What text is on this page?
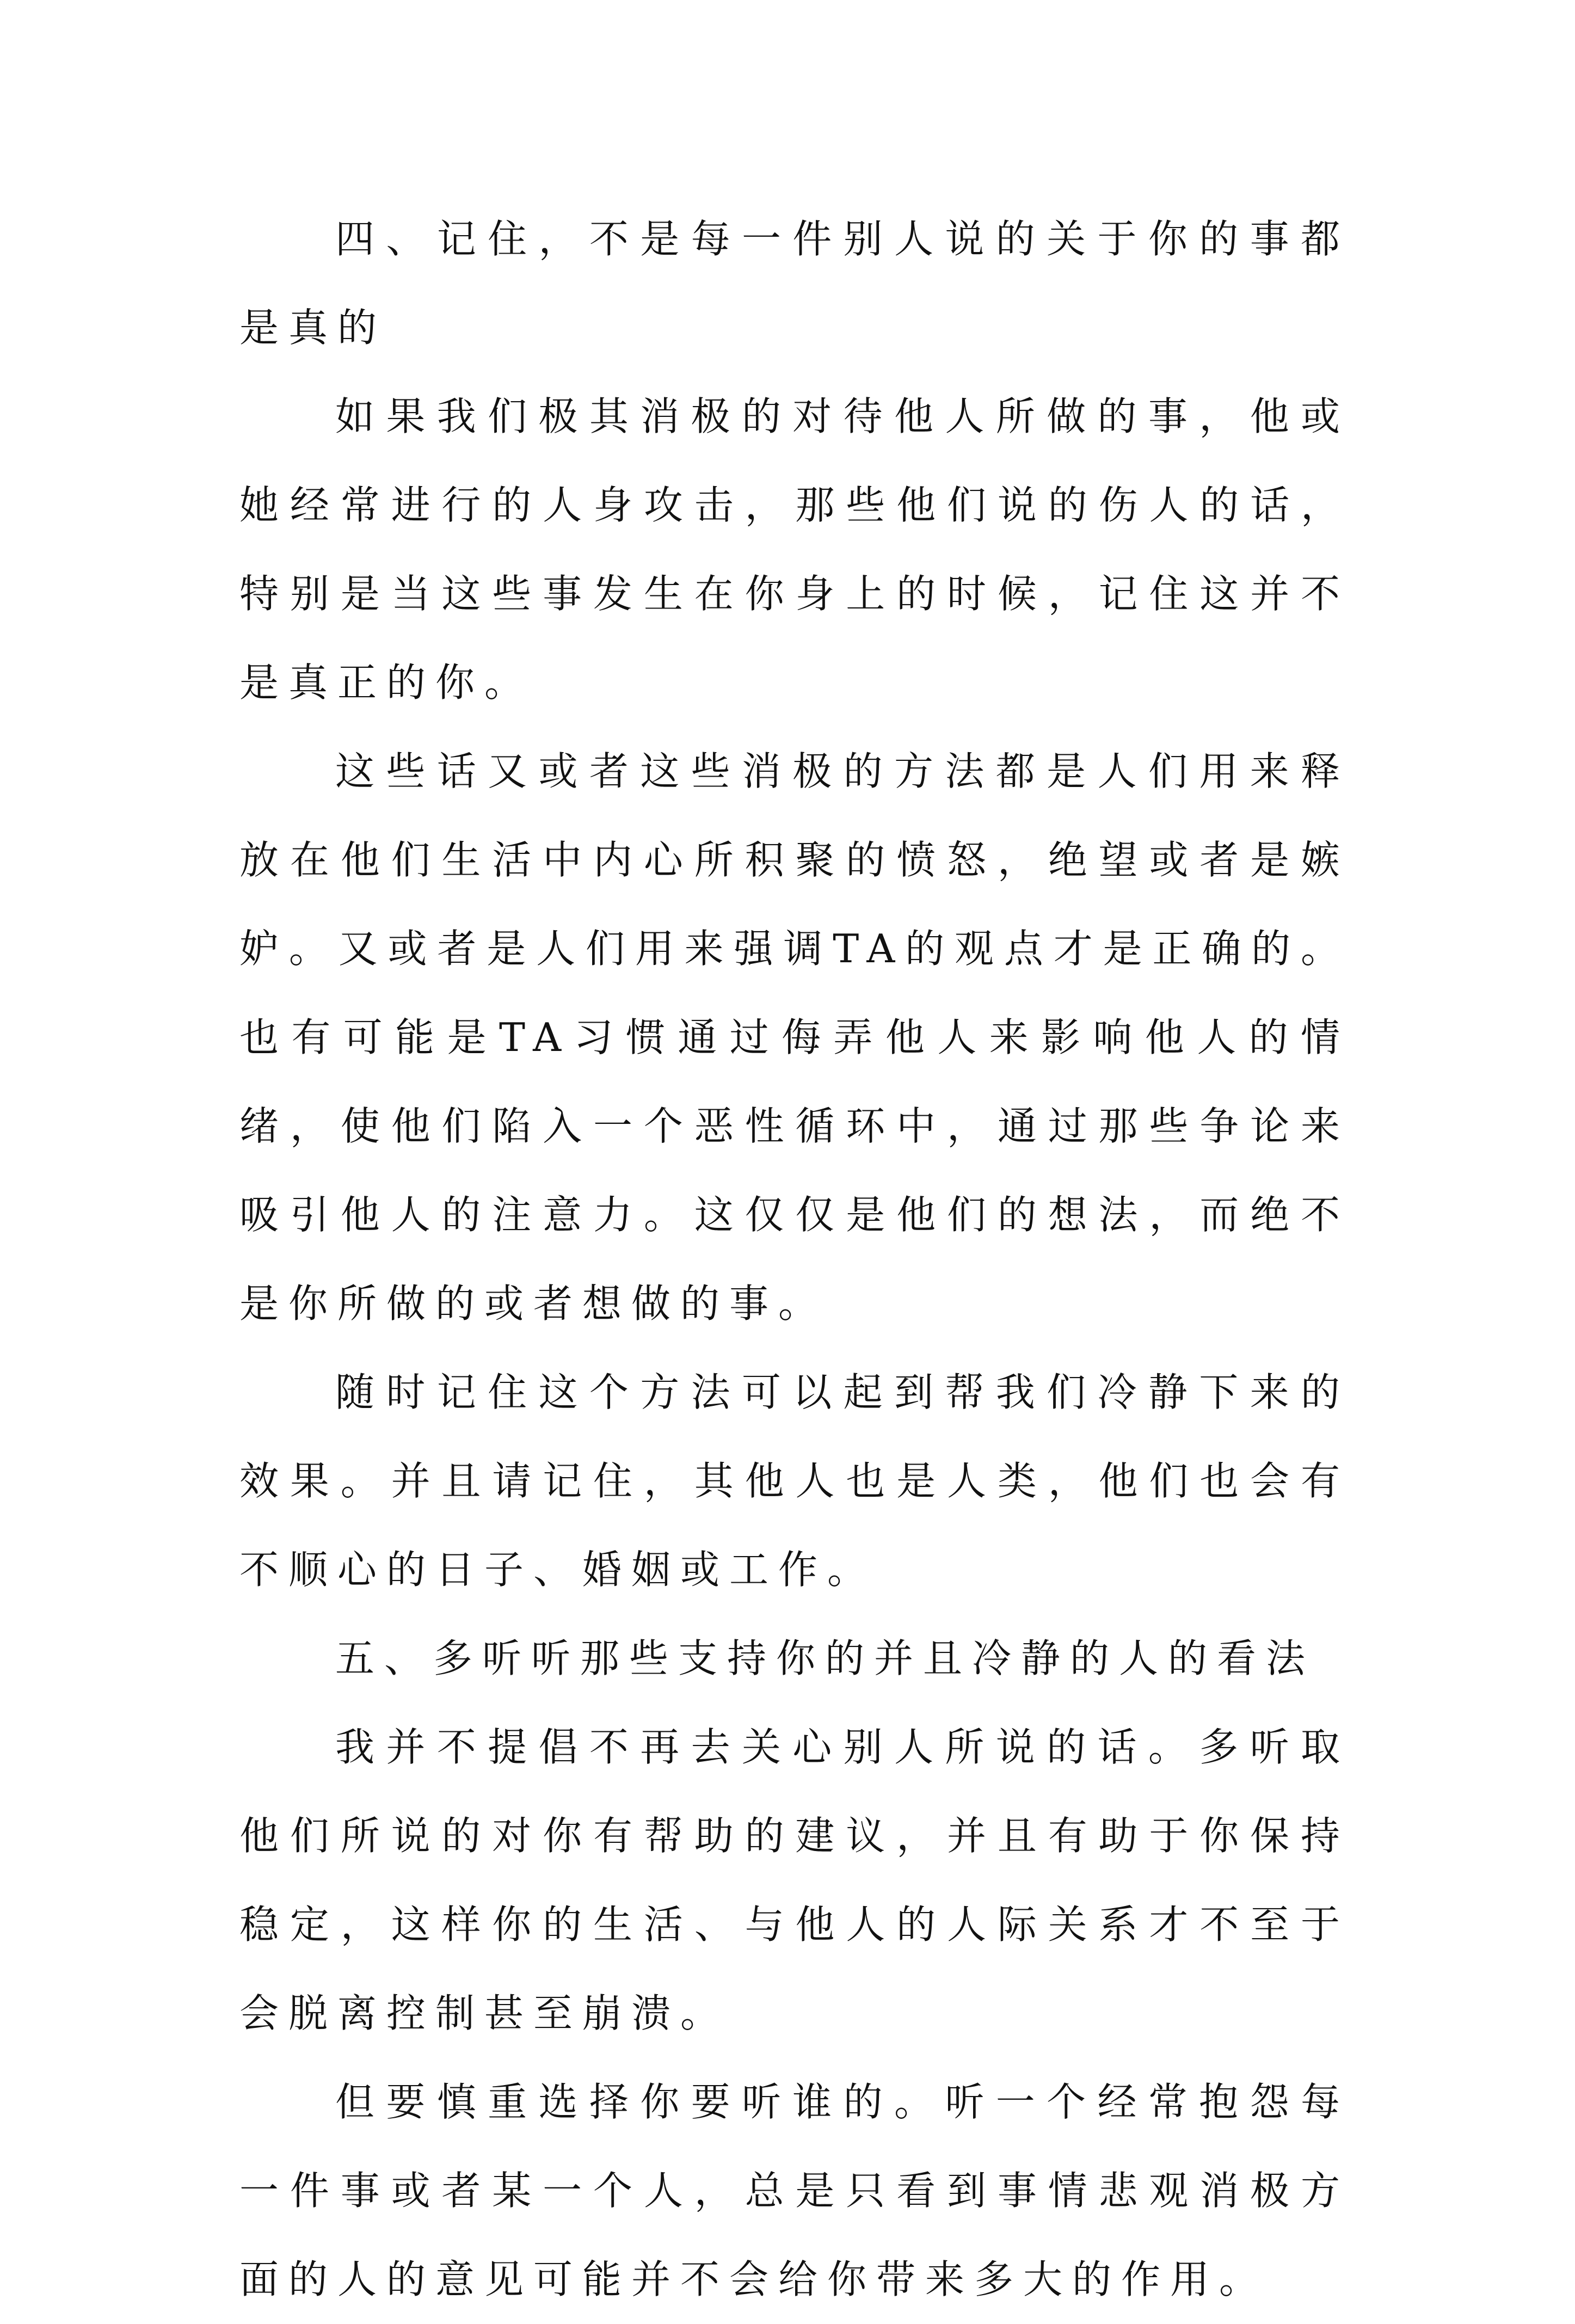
四、记住，不是每一件别人说的关于你的事都是真的

如果我们极其消极的对待他人所做的事，他或她经常进行的人身攻击，那些他们说的伤人的话，特别是当这些事发生在你身上的时候，记住这并不是真正的你。

这些话又或者这些消极的方法都是人们用来释放在他们生活中内心所积聚的愤怒，绝望或者是嫉妒。又或者是人们用来强调TA的观点才是正确的。也有可能是TA习惯通过侮弄他人来影响他人的情绪，使他们陷入一个恶性循环中，通过那些争论来吸引他人的注意力。这仅仅是他们的想法，而绝不是你所做的或者想做的事。

随时记住这个方法可以起到帮我们冷静下来的效果。并且请记住，其他人也是人类，他们也会有不顺心的日子、婚姻或工作。

五、多听听那些支持你的并且冷静的人的看法

我并不提倡不再去关心别人所说的话。多听取他们所说的对你有帮助的建议，并且有助于你保持稳定，这样你的生活、与他人的人际关系才不至于会脱离控制甚至崩溃。

但要慎重选择你要听谁的。听一个经常抱怨每一件事或者某一个人，总是只看到事情悲观消极方面的人的意见可能并不会给你带来多大的作用。
